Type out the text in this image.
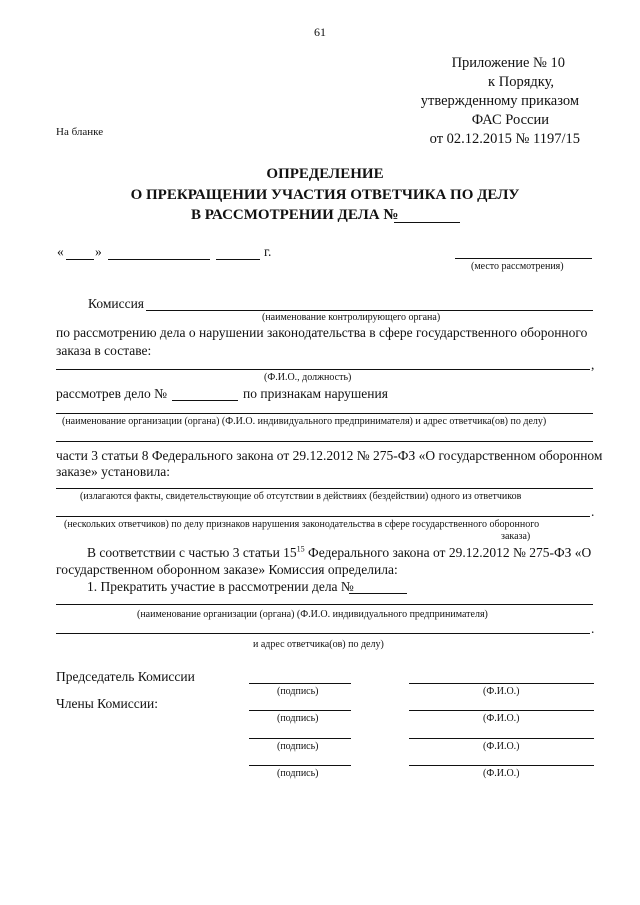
61
Приложение № 10
к Порядку,
утвержденному приказом
ФАС России
от 02.12.2015 № 1197/15
На бланке
ОПРЕДЕЛЕНИЕ
О ПРЕКРАЩЕНИИ УЧАСТИЯ ОТВЕТЧИКА ПО ДЕЛУ
В РАССМОТРЕНИИ ДЕЛА №
« »	г.
(место рассмотрения)
Комиссия
(наименование контролирующего органа)
по рассмотрению дела о нарушении законодательства в сфере государственного оборонного
заказа в составе:
,
(Ф.И.О., должность)
рассмотрев дело №	по признакам нарушения
(наименование организации (органа) (Ф.И.О. индивидуального предпринимателя) и адрес ответчика(ов) по делу)
части 3 статьи 8 Федерального закона от 29.12.2012 № 275-ФЗ «О государственном оборонном
заказе» установила:
(излагаются факты, свидетельствующие об отсутствии в действиях (бездействии) одного из ответчиков
.
(нескольких ответчиков) по делу признаков нарушения законодательства в сфере государственного оборонного
заказа)
В соответствии с частью 3 статьи $15^{15}$ Федерального закона от 29.12.2012 № 275-ФЗ «О
государственном оборонном заказе» Комиссия определила:
1. Прекратить участие в рассмотрении дела №
(наименование организации (органа) (Ф.И.О. индивидуального предпринимателя)
.
и адрес ответчика(ов) по делу)
Председатель Комиссии
(подпись)	(Ф.И.О.)
Члены Комиссии:
(подпись)	(Ф.И.О.)
(подпись)	(Ф.И.О.)
(подпись)	(Ф.И.О.)
